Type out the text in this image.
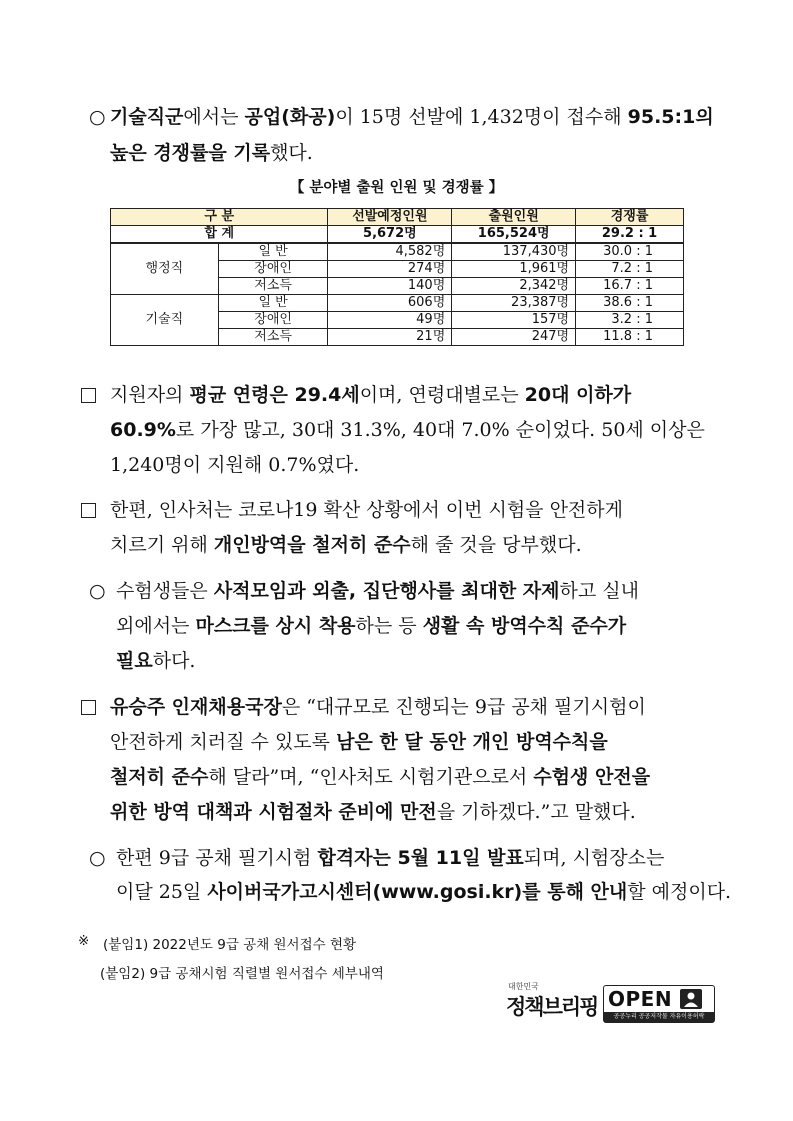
○ 기술직군에서는 공업(화공)이 15명 선발에 1,432명이 접수해 95.5:1의
높은 경쟁률을 기록했다.
【 분야별 출원 인원 및 경쟁률 】
구 분		선발예정인원	출원인원	경쟁률
합 계		5,672명	165,524명	29.2 : 1
행정직	일 반	4,582명	137,430명	30.0 : 1
	장애인	274명	1,961명	7.2 : 1
	저소득	140명	2,342명	16.7 : 1
기술직	일 반	606명	23,387명	38.6 : 1
	장애인	49명	157명	3.2 : 1
	저소득	21명	247명	11.8 : 1
지원자의 평균 연령은 29.4세이며, 연령대별로는 20대 이하가
60.9%로 가장 많고, 30대 31.3%, 40대 7.0% 순이었다. 50세 이상은
1,240명이 지원해 0.7%였다.
한편, 인사처는 코로나19 확산 상황에서 이번 시험을 안전하게
치르기 위해 개인방역을 철저히 준수해 줄 것을 당부했다.
○ 수험생들은 사적모임과 외출, 집단행사를 최대한 자제하고 실내
외에서는 마스크를 상시 착용하는 등 생활 속 방역수칙 준수가
필요하다.
유승주 인재채용국장은 “대규모로 진행되는 9급 공채 필기시험이
안전하게 치러질 수 있도록 남은 한 달 동안 개인 방역수칙을
철저히 준수해 달라”며, “인사처도 시험기관으로서 수험생 안전을
위한 방역 대책과 시험절차 준비에 만전을 기하겠다.”고 말했다.
○ 한편 9급 공채 필기시험 합격자는 5월 11일 발표되며, 시험장소는
이달 25일 사이버국가고시센터(www.gosi.kr)를 통해 안내할 예정이다.
※ (붙임1) 2022년도 9급 공채 원서접수 현황
(붙임2) 9급 공채시험 직렬별 원서접수 세부내역
대한민국
정책브리핑 OPEN
공공누리 공공저작물 자유이용허락
